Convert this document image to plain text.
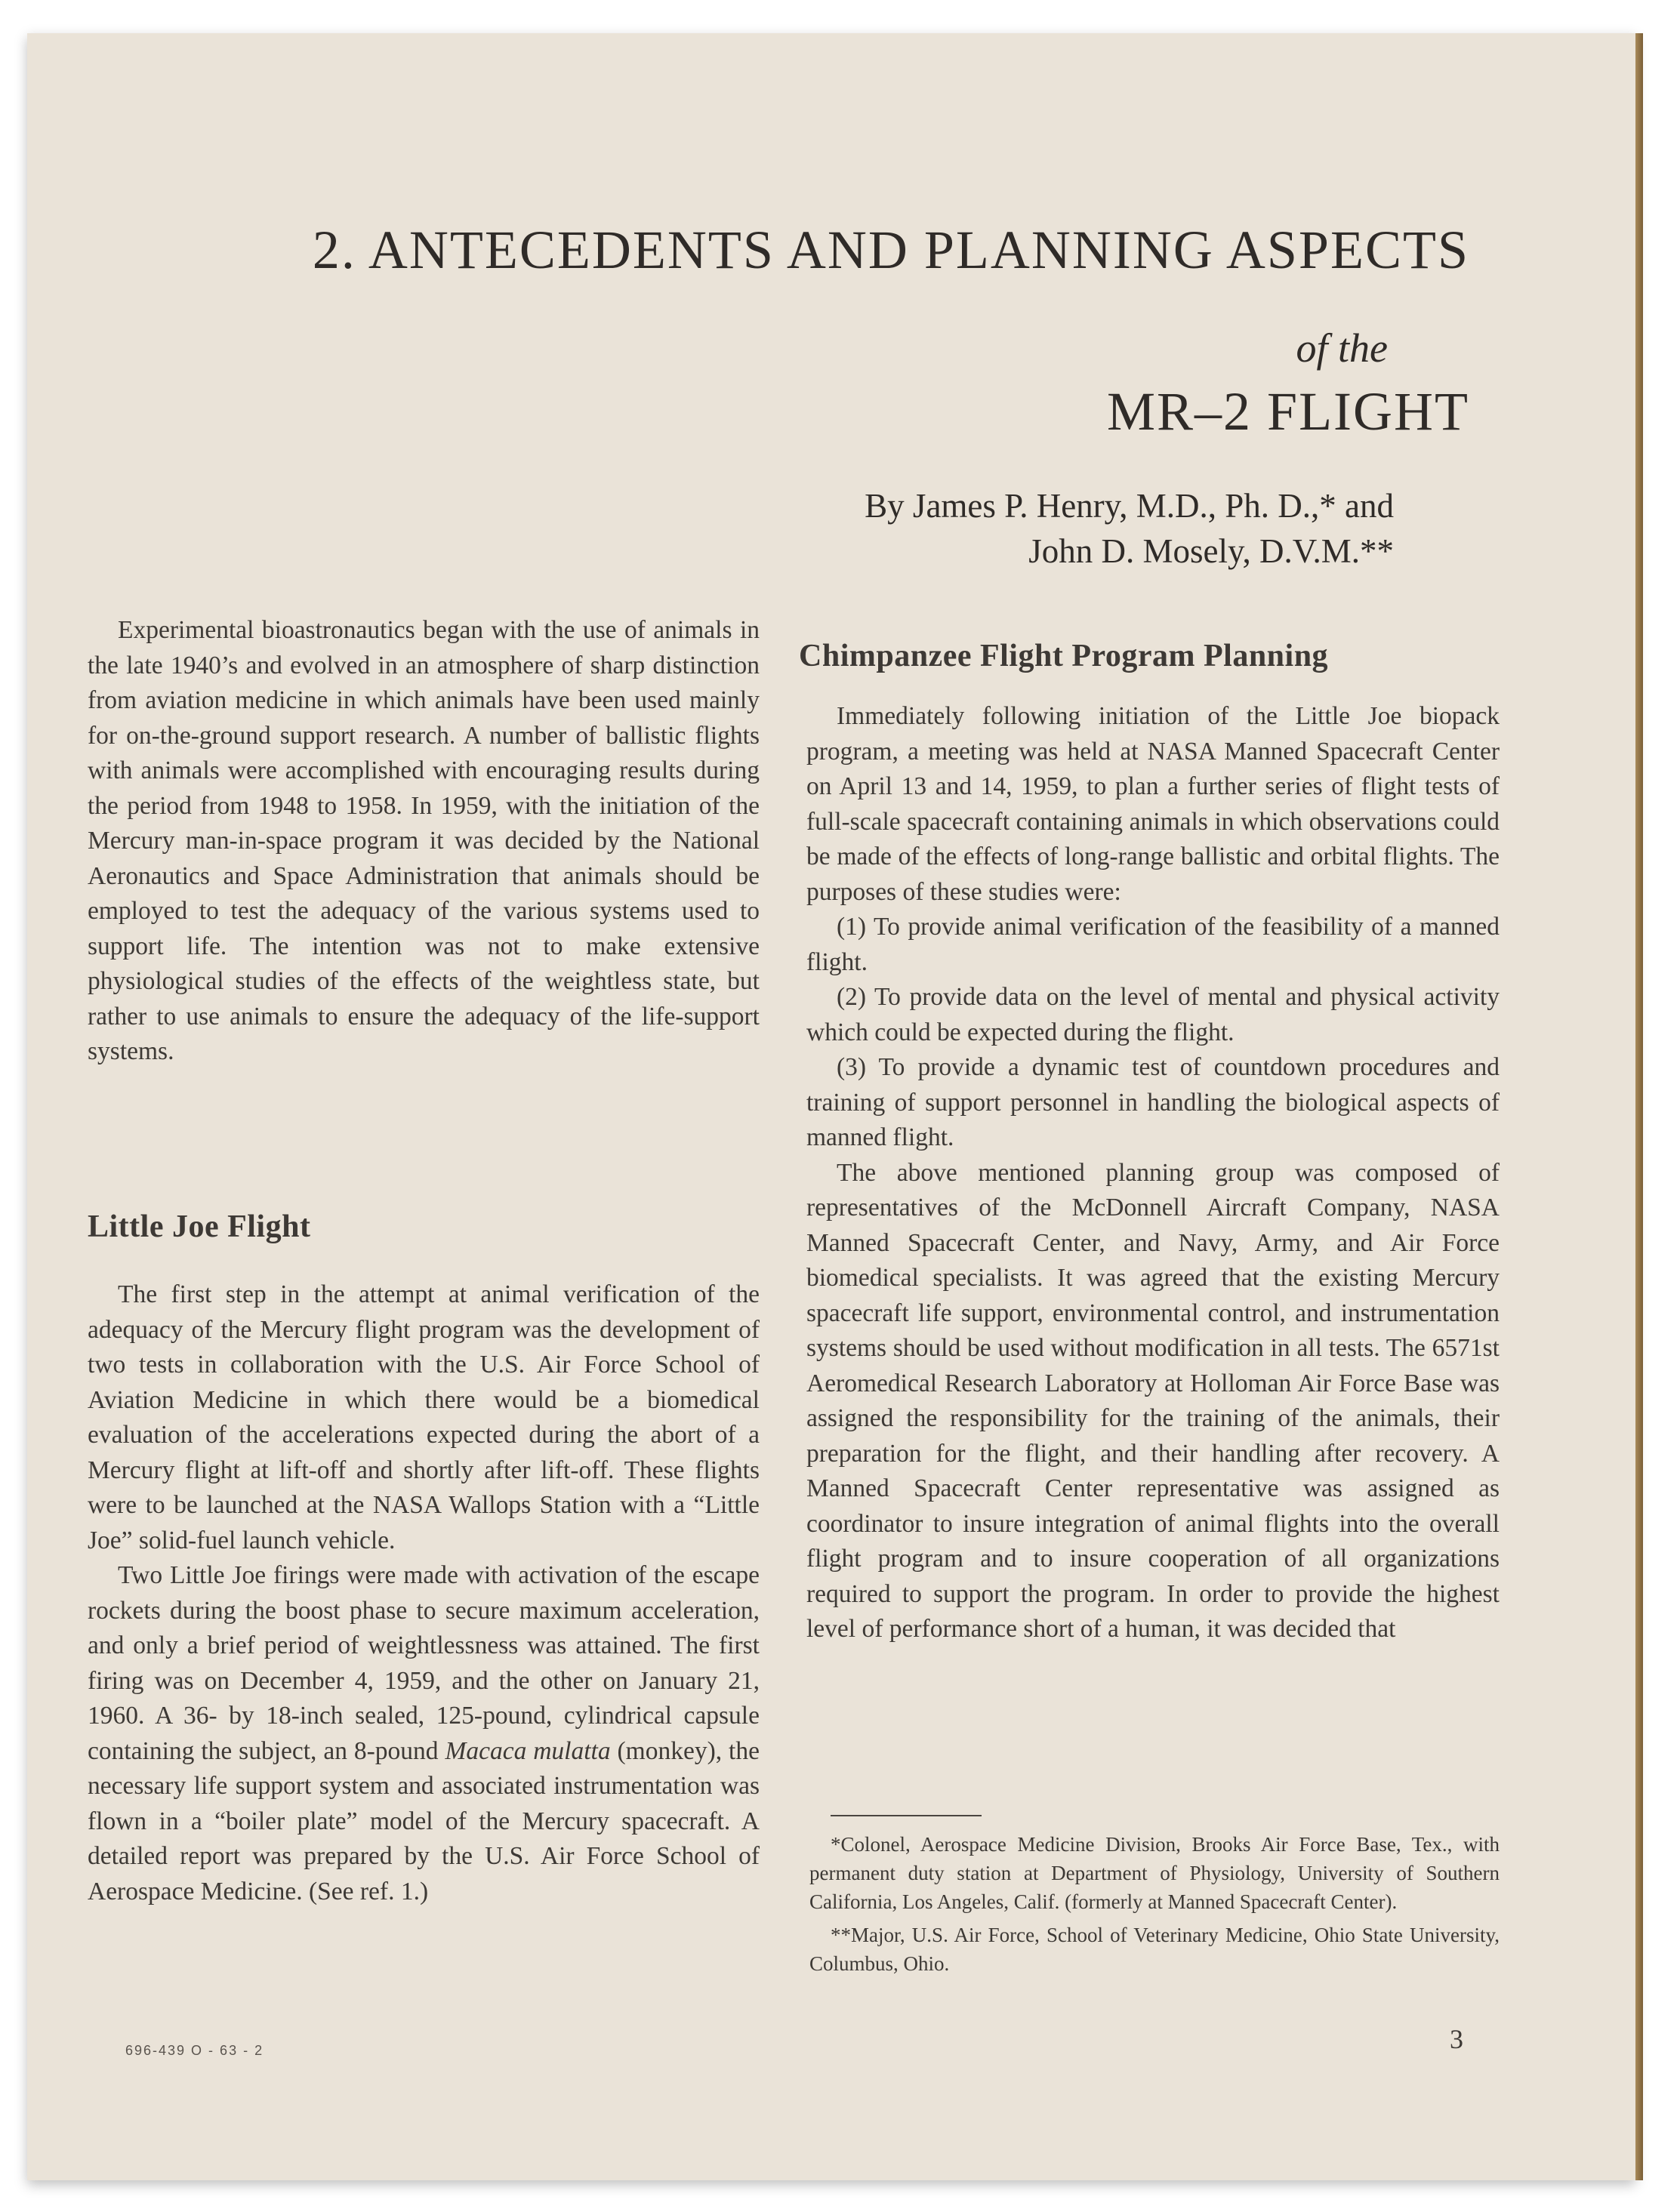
2. ANTECEDENTS AND PLANNING ASPECTS
of the
MR–2 FLIGHT
By James P. Henry, M.D., Ph. D.,* and
John D. Mosely, D.V.M.**

Experimental bioastronautics began with the use of animals in the late 1940’s and evolved in an atmosphere of sharp distinction from aviation medicine in which animals have been used mainly for on-the-ground support research. A number of ballistic flights with animals were accomplished with encouraging results during the period from 1948 to 1958. In 1959, with the initiation of the Mercury man-in-space program it was decided by the National Aeronautics and Space Administration that animals should be employed to test the adequacy of the various systems used to support life. The intention was not to make extensive physiological studies of the effects of the weightless state, but rather to use animals to ensure the adequacy of the life-support systems.

Little Joe Flight

The first step in the attempt at animal verification of the adequacy of the Mercury flight program was the development of two tests in collaboration with the U.S. Air Force School of Aviation Medicine in which there would be a biomedical evaluation of the accelerations expected during the abort of a Mercury flight at lift-off and shortly after lift-off. These flights were to be launched at the NASA Wallops Station with a “Little Joe” solid-fuel launch vehicle.

Two Little Joe firings were made with activation of the escape rockets during the boost phase to secure maximum acceleration, and only a brief period of weightlessness was attained. The first firing was on December 4, 1959, and the other on January 21, 1960. A 36- by 18-inch sealed, 125-pound, cylindrical capsule containing the subject, an 8-pound Macaca mulatta (monkey), the necessary life support system and associated instrumentation was flown in a “boiler plate” model of the Mercury spacecraft. A detailed report was prepared by the U.S. Air Force School of Aerospace Medicine. (See ref. 1.)

Chimpanzee Flight Program Planning

Immediately following initiation of the Little Joe biopack program, a meeting was held at NASA Manned Spacecraft Center on April 13 and 14, 1959, to plan a further series of flight tests of full-scale spacecraft containing animals in which observations could be made of the effects of long-range ballistic and orbital flights. The purposes of these studies were:

(1) To provide animal verification of the feasibility of a manned flight.

(2) To provide data on the level of mental and physical activity which could be expected during the flight.

(3) To provide a dynamic test of countdown procedures and training of support personnel in handling the biological aspects of manned flight.

The above mentioned planning group was composed of representatives of the McDonnell Aircraft Company, NASA Manned Spacecraft Center, and Navy, Army, and Air Force biomedical specialists. It was agreed that the existing Mercury spacecraft life support, environmental control, and instrumentation systems should be used without modification in all tests. The 6571st Aeromedical Research Laboratory at Holloman Air Force Base was assigned the responsibility for the training of the animals, their preparation for the flight, and their handling after recovery. A Manned Spacecraft Center representative was assigned as coordinator to insure integration of animal flights into the overall flight program and to insure cooperation of all organizations required to support the program. In order to provide the highest level of performance short of a human, it was decided that

*Colonel, Aerospace Medicine Division, Brooks Air Force Base, Tex., with permanent duty station at Department of Physiology, University of Southern California, Los Angeles, Calif. (formerly at Manned Spacecraft Center).

**Major, U.S. Air Force, School of Veterinary Medicine, Ohio State University, Columbus, Ohio.

696-439 O - 63 - 2	3
